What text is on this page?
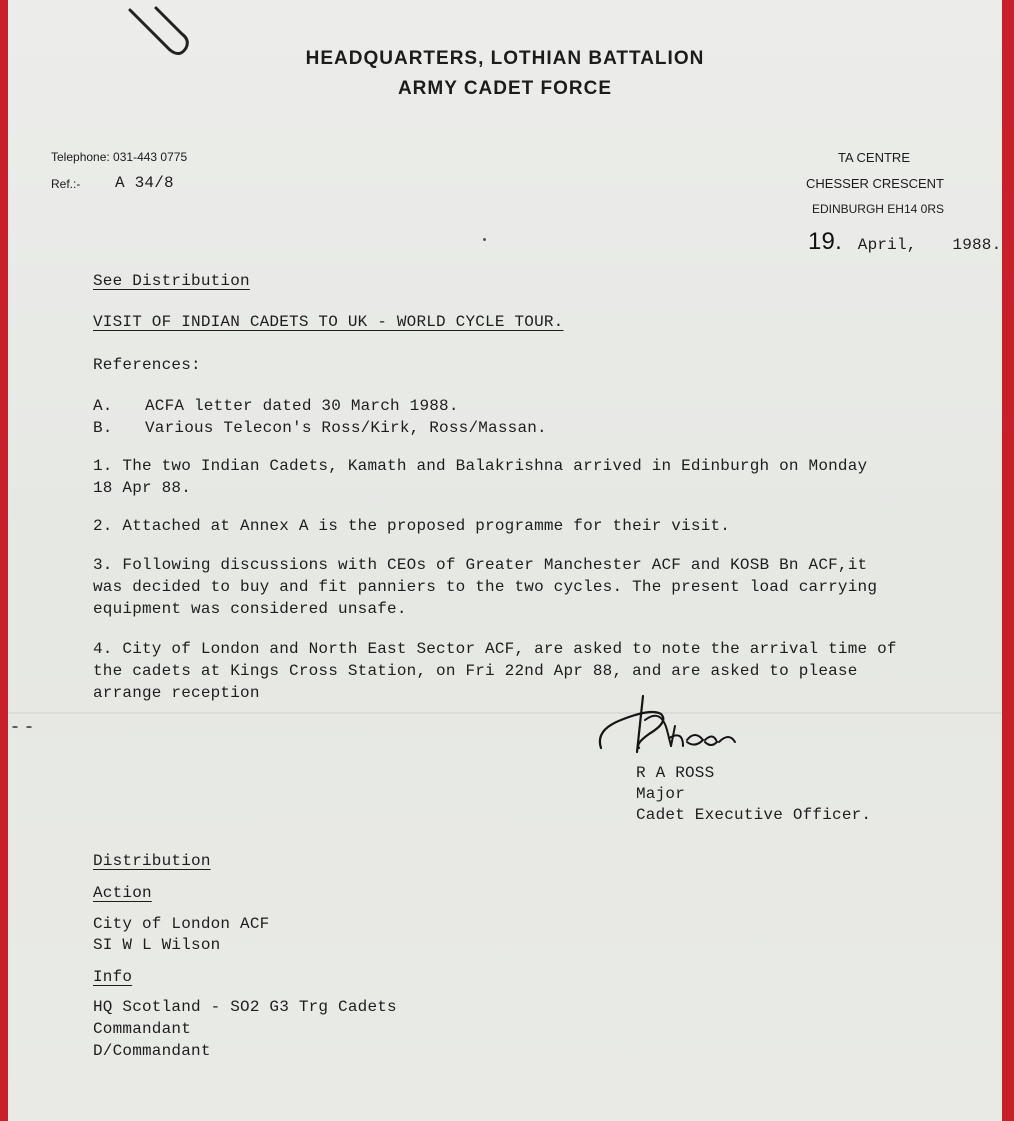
HEADQUARTERS, LOTHIAN BATTALION
ARMY CADET FORCE
Telephone: 031-443 0775
Ref.:- A 34/8
TA CENTRE
CHESSER CRESCENT
EDINBURGH EH14 0RS
19. April, 1988.
See Distribution
VISIT OF INDIAN CADETS TO UK - WORLD CYCLE TOUR.
References:
A. ACFA letter dated 30 March 1988.
B. Various Telecon's Ross/Kirk, Ross/Massan.
1. The two Indian Cadets, Kamath and Balakrishna arrived in Edinburgh on Monday
18 Apr 88.
2. Attached at Annex A is the proposed programme for their visit.
3. Following discussions with CEOs of Greater Manchester ACF and KOSB Bn ACF,it
was decided to buy and fit panniers to the two cycles. The present load carrying
equipment was considered unsafe.
4. City of London and North East Sector ACF, are asked to note the arrival time of
the cadets at Kings Cross Station, on Fri 22nd Apr 88, and are asked to please
arrange reception
R A ROSS
Major
Cadet Executive Officer.
Distribution
Action
City of London ACF
SI W L Wilson
Info
HQ Scotland - SO2 G3 Trg Cadets
Commandant
D/Commandant
